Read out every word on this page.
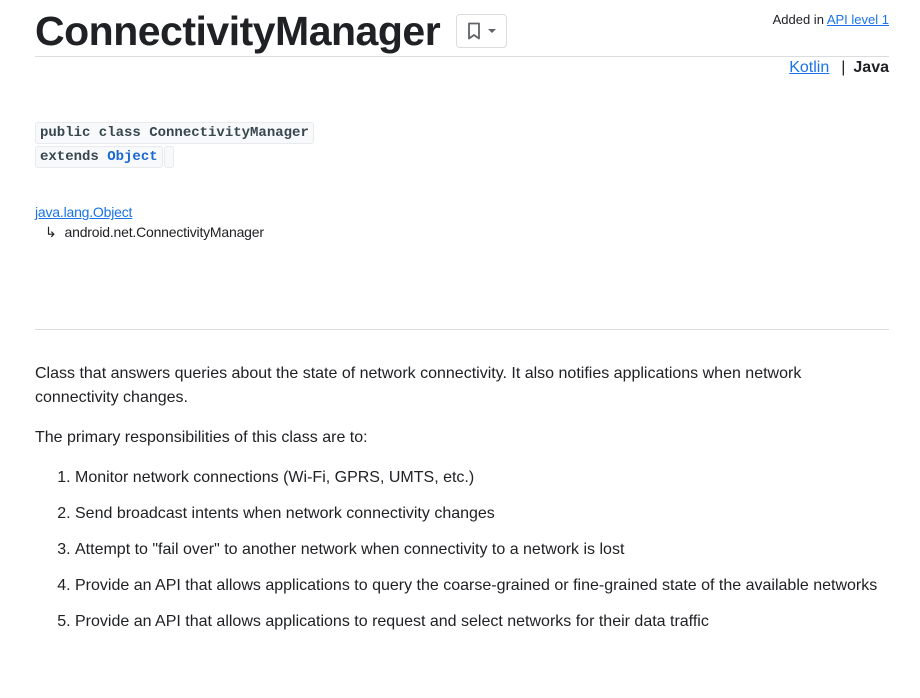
ConnectivityManager	Added in API level 1
Kotlin | Java
public class ConnectivityManager
extends Object
java.lang.Object
↳ android.net.ConnectivityManager

Class that answers queries about the state of network connectivity. It also notifies applications when network connectivity changes.

The primary responsibilities of this class are to:

1. Monitor network connections (Wi-Fi, GPRS, UMTS, etc.)
2. Send broadcast intents when network connectivity changes
3. Attempt to "fail over" to another network when connectivity to a network is lost
4. Provide an API that allows applications to query the coarse-grained or fine-grained state of the available networks
5. Provide an API that allows applications to request and select networks for their data traffic
